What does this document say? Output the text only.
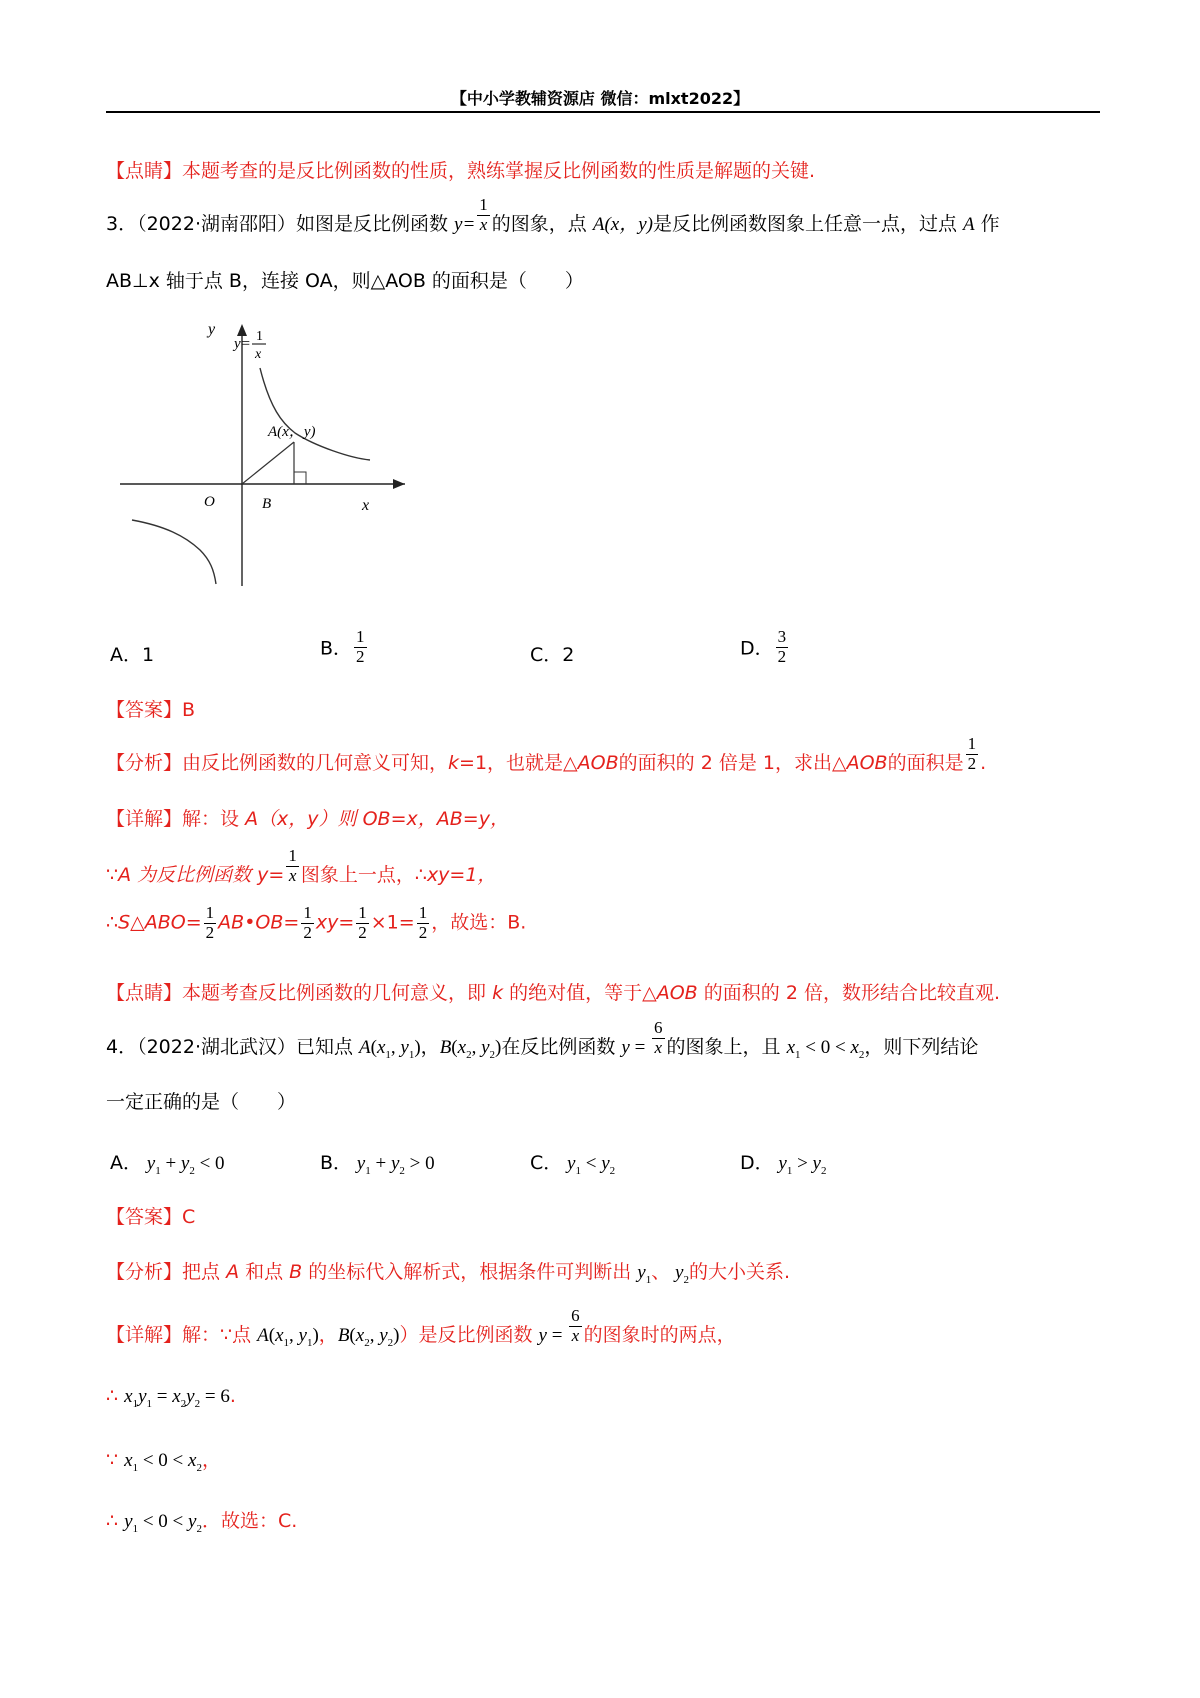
【中小学教辅资源店 微信：mlxt2022】
【点睛】本题考查的是反比例函数的性质，熟练掌握反比例函数的性质是解题的关键.
3．（2022·湖南邵阳）如图是反比例函数 $y= \frac{1}{x}$ 的图象，点 A(x，y)是反比例函数图象上任意一点，过点 A 作
AB⊥x 轴于点 B，连接 OA，则△AOB 的面积是（　　）
y
y= 1
x
A(x，y)
O	B	x
A．1	B． $\frac{1}{2}$	C．2	D． $\frac{3}{2}$
【答案】B
【分析】由反比例函数的几何意义可知，k=1，也就是△AOB的面积的 2 倍是 1，求出△AOB的面积是 $\frac{1}{2}$ .
【详解】解：设 A（x，y）则 OB=x，AB=y，
∵A 为反比例函数 $y= \frac{1}{x}$ 图象上一点，∴xy=1，
∴S△ABO= $\frac{1}{2}$ AB•OB= $\frac{1}{2} xy= \frac{1}{2} \times 1= \frac{1}{2}$ ，故选：B.
【点睛】本题考查反比例函数的几何意义，即 k 的绝对值，等于△AOB 的面积的 2 倍，数形结合比较直观.
4．（2022·湖北武汉）已知点 $A(x_1$, $y_1$)，$B(x_2$, $y_2$)在反比例函数 $y = \frac{6}{x}$ 的图象上，且 $x_1 < 0 < x_2$，则下列结论
一定正确的是（　　）
A． $y_1 + y_2 < 0$	B． $y_1 + y_2 > 0$	C． $y_1 < y_2$	D． $y_1 > y_2$
【答案】C
【分析】把点 A 和点 B 的坐标代入解析式，根据条件可判断出 $y_1$、 $y_2$的大小关系.
【详解】解：∵点 $A(x_1$, $y_1$)，$B(x_2$, $y_2$)）是反比例函数 $y = \frac{6}{x}$ 的图象时的两点，
∴ $x_1y_1 = x_2y_2 = 6$.
∵ $x_1 < 0 < x_2$，
∴ $y_1 < 0 < y_2$．故选：C.
